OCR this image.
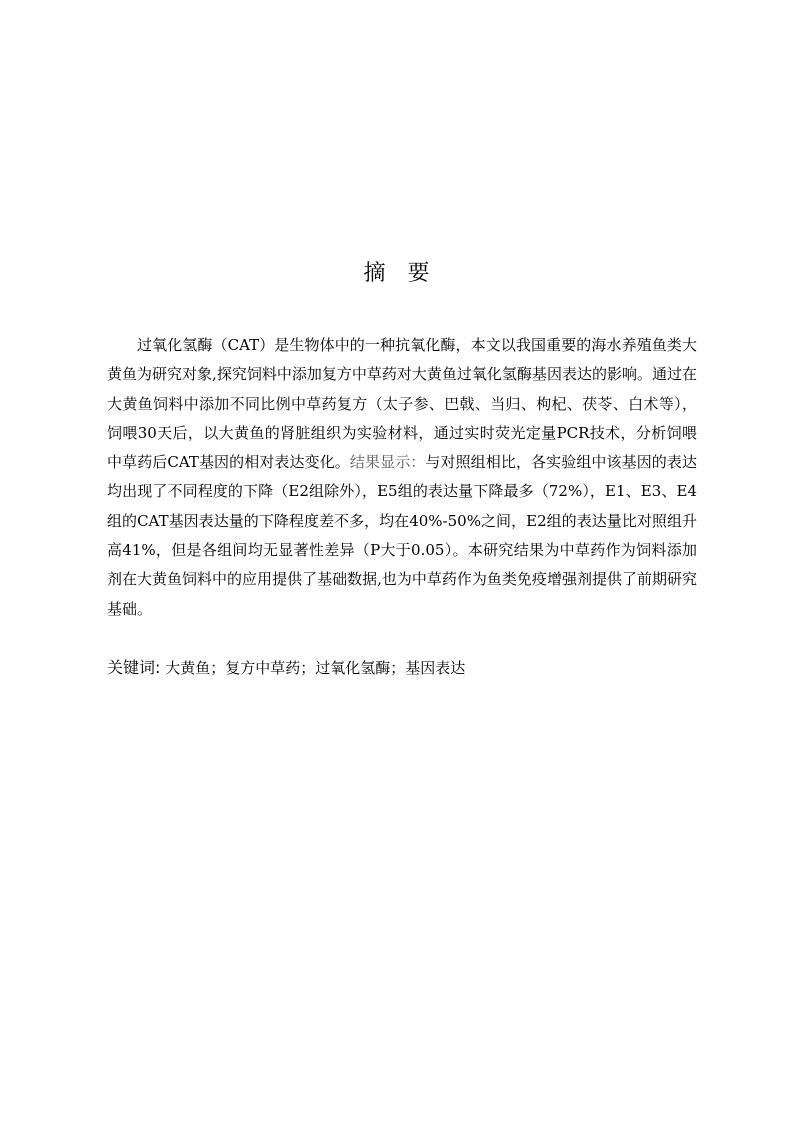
摘 要

过氧化氢酶（CAT）是生物体中的一种抗氧化酶，本文以我国重要的海水养殖鱼类大黄鱼为研究对象,探究饲料中添加复方中草药对大黄鱼过氧化氢酶基因表达的影响。通过在大黄鱼饲料中添加不同比例中草药复方（太子参、巴戟、当归、枸杞、茯苓、白术等），饲喂30天后，以大黄鱼的肾脏组织为实验材料，通过实时荧光定量PCR技术，分析饲喂中草药后CAT基因的相对表达变化。结果显示：与对照组相比，各实验组中该基因的表达均出现了不同程度的下降（E2组除外），E5组的表达量下降最多（72%），E1、E3、E4组的CAT基因表达量的下降程度差不多，均在40%-50%之间，E2组的表达量比对照组升高41%，但是各组间均无显著性差异（P大于0.05）。本研究结果为中草药作为饲料添加剂在大黄鱼饲料中的应用提供了基础数据,也为中草药作为鱼类免疫增强剂提供了前期研究基础。

关键词: 大黄鱼；复方中草药；过氧化氢酶；基因表达
